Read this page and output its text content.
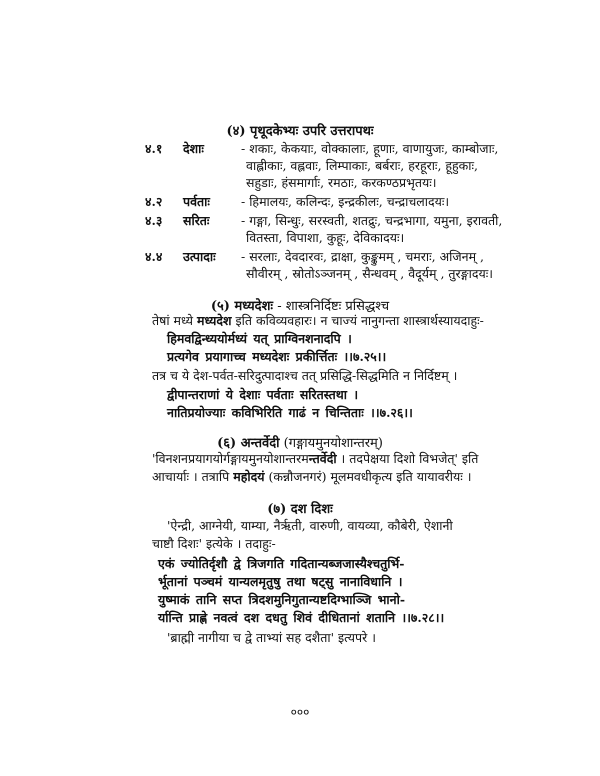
(४) पृथूदकेभ्यः उपरि उत्तरापथः
४.१ देशाः	- शकाः, केकयाः, वोक्कालाः, हूणाः, वाणायुजः, काम्बोजाः,
वाह्लीकाः, वह्लवाः, लिम्पाकाः, बर्बराः, हरहूराः, हूहुकाः,
सहुडाः, हंसमार्गाः, रमठाः, करकण्ठप्रभृतयः।
४.२ पर्वताः - हिमालयः, कलिन्दः, इन्द्रकीलः, चन्द्राचलादयः।
४.३ सरितः	- गङ्गा, सिन्धुः, सरस्वती, शतद्रुः, चन्द्रभागा, यमुना, इरावती,
वितस्ता, विपाशा, कुहूः, देविकादयः।
४.४ उत्पादाः - सरलाः, देवदारवः, द्राक्षा, कुङ्कुमम् , चमराः, अजिनम् ,
सौवीरम् , स्रोतोऽञ्जनम् , सैन्धवम् , वैदूर्यम् , तुरङ्गादयः।
(५) मध्यदेशः - शास्त्रनिर्दिष्टः प्रसिद्धश्च
तेषां मध्ये मध्यदेश इति कविव्यवहारः। न चाज्यं नानुगन्ता शास्त्रार्थस्यायदाहुः-
हिमवद्विन्ध्ययोर्मध्यं यत् प्राग्विनशनादपि ।
प्रत्यगेव प्रयागाच्च मध्यदेशः प्रकीर्त्तितः ।।७.२५।।
तत्र च ये देश-पर्वत-सरिदुत्पादाश्च तत् प्रसिद्धि-सिद्धमिति न निर्दिष्टम् ।
द्वीपान्तराणां ये देशाः पर्वताः सरितस्तथा ।
नातिप्रयोज्याः कविभिरिति गाढं न चिन्तिताः ।।७.२६।।
(६) अन्तर्वेदी (गङ्गायमुनयोशान्तरम्)
'विनशनप्रयागयोर्गङ्गायमुनयोशान्तरमन्तर्वेदी । तदपेक्षया दिशो विभजेत्' इति
आचार्याः । तत्रापि महोदयं (कन्नौजनगरं) मूलमवधीकृत्य इति यायावरीयः ।
(७) दश दिशः
'ऐन्द्री, आग्नेयी, याम्या, नैर्ऋती, वारुणी, वायव्या, कौबेरी, ऐशानी
चाष्टौ दिशः' इत्येके । तदाहुः-
एकं ज्योतिर्दृशौ द्वे त्रिजगति गदितान्यब्जजास्यैश्चतुर्भि-
र्भूतानां पञ्चमं यान्यलमृतुषु तथा षट्सु नानाविधानि ।
युष्माकं तानि सप्त त्रिदशमुनिगुतान्यष्टदिग्भाञ्जि भानो-
र्यान्ति प्राह्णे नवत्वं दश दधतु शिवं दीधितानां शतानि ।।७.२८।।
'ब्राह्मी नागीया च द्वे ताभ्यां सह दशैता' इत्यपरे ।
०००
